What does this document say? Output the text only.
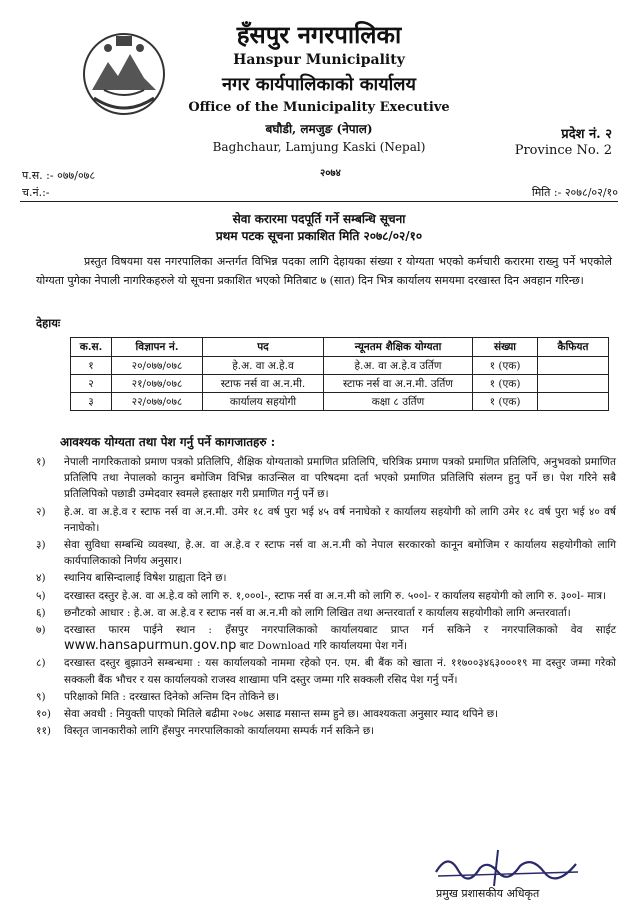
हँसपुर नगरपालिका
Hanspur Municipality
नगर कार्यपालिकाको कार्यालय
Office of the Municipality Executive
बघौडी, लमजुङ (नेपाल)
Baghchaur, Lamjung Kaski (Nepal)
प्रदेश नं. २
Province No. 2
२०७४
प.स. :- ०७७/०७८
च.नं.:-	मिति :- २०७८/०२/१०
सेवा करारमा पदपूर्ति गर्ने सम्बन्धि सूचना
प्रथम पटक सूचना प्रकाशित मिति २०७८/०२/१०
प्रस्तुत विषयमा यस नगरपालिका अन्तर्गत विभिन्न पदका लागि देहायका संख्या र योग्यता भएको कर्मचारी करारमा राख्नु पर्ने भएकोले योग्यता पुगेका नेपाली नागरिकहरुले यो सूचना प्रकाशित भएको मितिबाट ७ (सात) दिन भित्र कार्यालय समयमा दरखास्त दिन अवहान गरिन्छ।
देहायः
क.स.	विज्ञापन नं.	पद	न्यूनतम शैक्षिक योग्यता	संख्या	कैफियत
१	२०/०७७/०७८	हे.अ. वा अ.हे.व	हे.अ. वा अ.हे.व उर्तिण	१ (एक)	
२	२१/०७७/०७८	स्टाफ नर्स वा अ.न.मी.	स्टाफ नर्स वा अ.न.मी. उर्तिण	१ (एक)	
३	२२/०७७/०७८	कार्यालय सहयोगी	कक्षा ८ उर्तिण	१ (एक)	
आवश्यक योग्यता तथा पेश गर्नु पर्ने कागजातहरु :
१)	नेपाली नागरिकताको प्रमाण पत्रको प्रतिलिपि, शैक्षिक योग्यताको प्रमाणित प्रतिलिपि, चरित्रिक प्रमाण पत्रको प्रमाणित प्रतिलिपि, अनुभवको प्रमाणित प्रतिलिपि तथा नेपालको कानुन बमोजिम विभिन्न काउन्सिल वा परिषदमा दर्ता भएको प्रमाणित प्रतिलिपि संलग्न हुनु पर्ने छ। पेश गरिने सबै प्रतिलिपिको पछाडी उम्मेदवार स्वमले हस्ताक्षर गरी प्रमाणित गर्नु पर्ने छ।
२)	हे.अ. वा अ.हे.व र स्टाफ नर्स वा अ.न.मी. उमेर १८ वर्ष पुरा भई ४५ वर्ष ननाघेको र कार्यालय सहयोगी को लागि उमेर १८ वर्ष पुरा भई ४० वर्ष ननाघेको।
३)	सेवा सुविधा सम्बन्धि व्यवस्था, हे.अ. वा अ.हे.व र स्टाफ नर्स वा अ.न.मी को नेपाल सरकारको कानून बमोजिम र कार्यालय सहयोगीको लागि कार्यपालिकाको निर्णय अनुसार।
४)	स्थानिय बासिन्दालाई विषेश ग्राह्यता दिने छ।
५)	दरखास्त दस्तुर हे.अ. वा अ.हे.व को लागि रु. १,०००l-, स्टाफ नर्स वा अ.न.मी को लागि रु. ५००l- र कार्यालय सहयोगी को लागि रु. ३००l- मात्र।
६)	छनौटको आधार : हे.अ. वा अ.हे.व र स्टाफ नर्स वा अ.न.मी को लागि लिखित तथा अन्तरवार्ता र कार्यालय सहयोगीको लागि अन्तरवार्ता।
७)	दरखास्त फारम पाईने स्थान : हँसपुर नगरपालिकाको कार्यालयबाट प्राप्त गर्न सकिने र नगरपालिकाको वेव साईट www.hansapurmun.gov.np बाट Download गरि कार्यालयमा पेश गर्ने।
८)	दरखास्त दस्तुर बुझाउने सम्बन्धमा : यस कार्यालयको नाममा रहेको एन. एम. बी बैंक को खाता नं. ११७००३४६३०००१९ मा दस्तुर जम्मा गरेको सक्कली बैंक भौचर र यस कार्यालयको राजस्व शाखामा पनि दस्तुर जम्मा गरि सक्कली रसिद पेश गर्नु पर्ने।
९)	परिक्षाको मिति : दरखास्त दिनेको अन्तिम दिन तोकिने छ।
१०)	सेवा अवधी : नियुक्ती पाएको मितिले बढीमा २०७८ असाढ मसान्त सम्म हुने छ। आवश्यकता अनुसार म्याद थपिने छ।
११)	विस्तृत जानकारीको लागि हँसपुर नगरपालिकाको कार्यालयमा सम्पर्क गर्न सकिने छ।
प्रमुख प्रशासकीय अधिकृत
